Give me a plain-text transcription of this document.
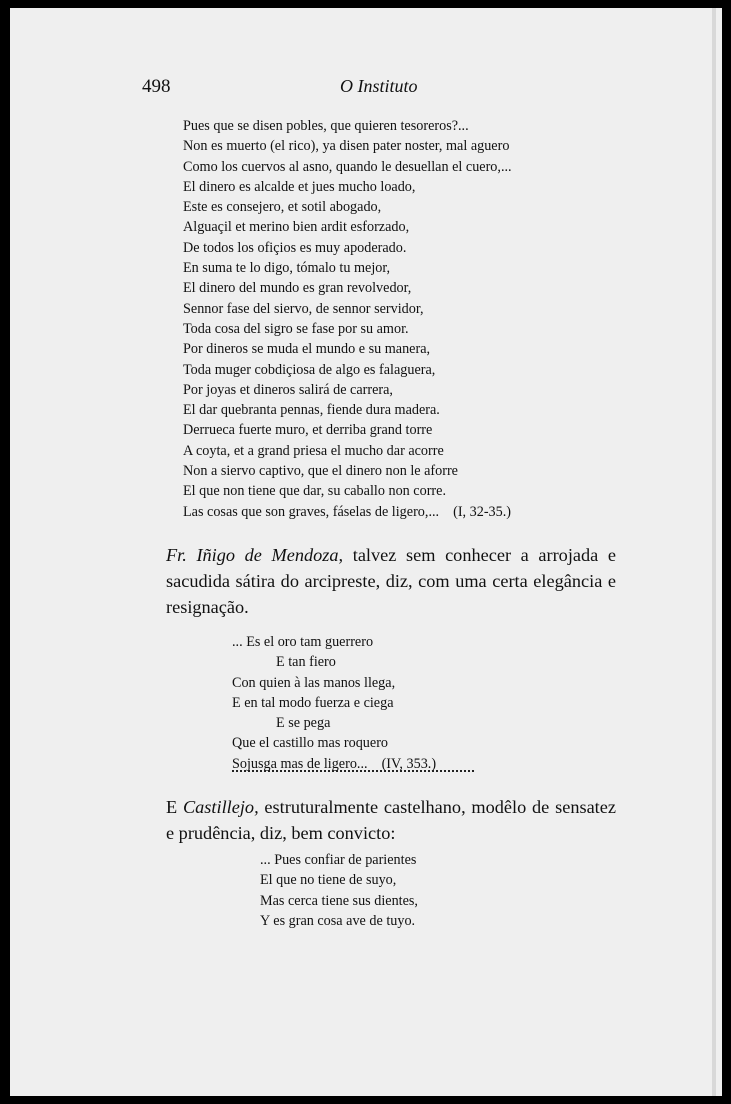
498	O Instituto
Pues que se disen pobles, que quieren tesoreros?...
Non es muerto (el rico), ya disen pater noster, mal aguero
Como los cuervos al asno, quando le desuellan el cuero,...
El dinero es alcalde et jues mucho loado,
Este es consejero, et sotil abogado,
Alguaçil et merino bien ardit esforzado,
De todos los ofiçios es muy apoderado.
En suma te lo digo, tómalo tu mejor,
El dinero del mundo es gran revolvedor,
Sennor fase del siervo, de sennor servidor,
Toda cosa del sigro se fase por su amor.
Por dineros se muda el mundo e su manera,
Toda muger cobdiçiosa de algo es falaguera,
Por joyas et dineros salirá de carrera,
El dar quebranta pennas, fiende dura madera.
Derrueca fuerte muro, et derriba grand torre
A coyta, et a grand priesa el mucho dar acorre
Non a siervo captivo, que el dinero non le aforre
El que non tiene que dar, su caballo non corre.
Las cosas que son graves, fáselas de ligero,... (I, 32-35.)

Fr. Iñigo de Mendoza, talvez sem conhecer a arrojada e sacudida sátira do arcipreste, diz, com uma certa elegância e resignação.

... Es el oro tam guerrero
E tan fiero
Con quien à las manos llega,
E en tal modo fuerza e ciega
E se pega
Que el castillo mas roquero
Sojusga mas de ligero... (IV, 353.)

E Castillejo, estruturalmente castelhano, modêlo de sensatez e prudência, diz, bem convicto:

... Pues confiar de parientes
El que no tiene de suyo,
Mas cerca tiene sus dientes,
Y es gran cosa ave de tuyo.
